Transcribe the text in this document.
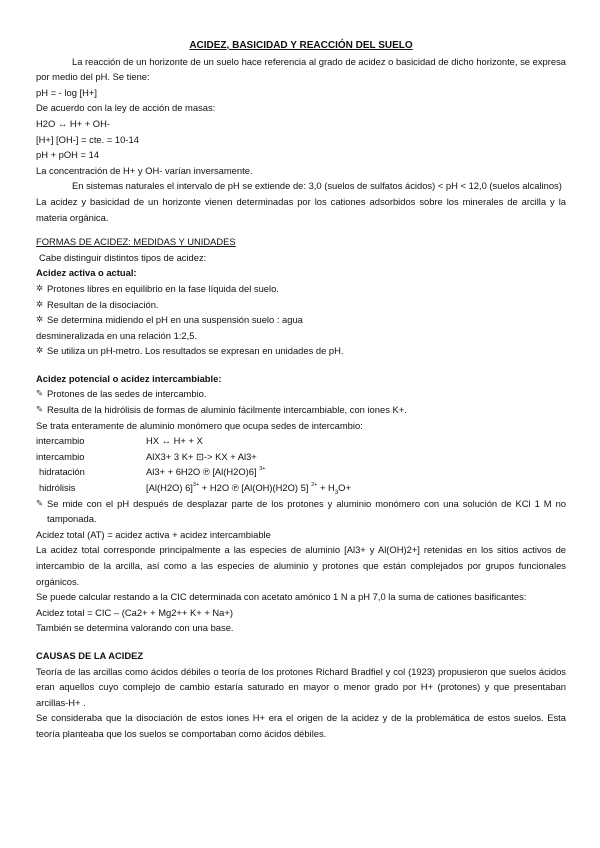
ACIDEZ, BASICIDAD Y REACCIÓN DEL SUELO

La reacción de un horizonte de un suelo hace referencia al grado de acidez o basicidad de dicho horizonte, se expresa por medio del pH. Se tiene:

pH = - log [H+]

De acuerdo con la ley de acción de masas:

H2O ↔ H+ + OH-

[H+] [OH-] = cte. = 10-14

pH + pOH = 14

La concentración de H+ y OH- varían inversamente.

En sistemas naturales el intervalo de pH se extiende de: 3,0 (suelos de sulfatos ácidos) < pH < 12,0 (suelos alcalinos)

La acidez y basicidad de un horizonte vienen determinadas por los cationes adsorbidos sobre los minerales de arcilla y la materia orgánica.

FORMAS DE ACIDEZ: MEDIDAS Y UNIDADES

Cabe distinguir distintos tipos de acidez:

Acidez activa o actual:

✲ Protones libres en equilibrio en la fase líquida del suelo.
✲ Resultan de la disociación.
✲ Se determina midiendo el pH en una suspensión suelo : agua

desmineralizada en una relación 1:2,5.

✲ Se utiliza un pH-metro. Los resultados se expresan en unidades de pH.

Acidez potencial o acidez intercambiable:

✎ Protones de las sedes de intercambio.
✎ Resulta de la hidrólisis de formas de aluminio fácilmente intercambiable, con iones K+.

Se trata enteramente de aluminio monómero que ocupa sedes de intercambio:

intercambio	HX ↔ H+ + X
intercambio	AlX3+ 3 K+ ⊡-> KX + Al3+
hidratación	Al3+ + 6H2O ℗ [Al(H2O)6] $^{3+}$
hidrólisis	[Al(H2O) 6]$^{3+}$ + H2O ℗ [Al(OH)(H2O) 5] $^{2+} + H_3O+$
✎ Se mide con el pH después de desplazar parte de los protones y aluminio monómero con una solución de KCl 1 M no tamponada.

Acidez total (AT) = acidez activa + acidez intercambiable

La acidez total corresponde principalmente a las especies de aluminio [Al3+ y Al(OH)2+] retenidas en los sitios activos de intercambio de la arcilla, así como a las especies de aluminio y protones que están complejados por grupos funcionales orgánicos.

Se puede calcular restando a la CIC determinada con acetato amónico 1 N a pH 7,0 la suma de cationes basificantes:

Acidez total = CIC – (Ca2+ + Mg2++ K+ + Na+)

También se determina valorando con una base.

CAUSAS DE LA ACIDEZ

Teoría de las arcillas como ácidos débiles o teoría de los protones Richard Bradfiel y col (1923) propusieron que suelos ácidos eran aquellos cuyo complejo de cambio estaría saturado en mayor o menor grado por H+ (protones) y que presentaban arcillas-H+ .

Se consideraba que la disociación de estos iones H+ era el origen de la acidez y de la problemática de estos suelos. Esta teoría planteaba que los suelos se comportaban como ácidos débiles.
